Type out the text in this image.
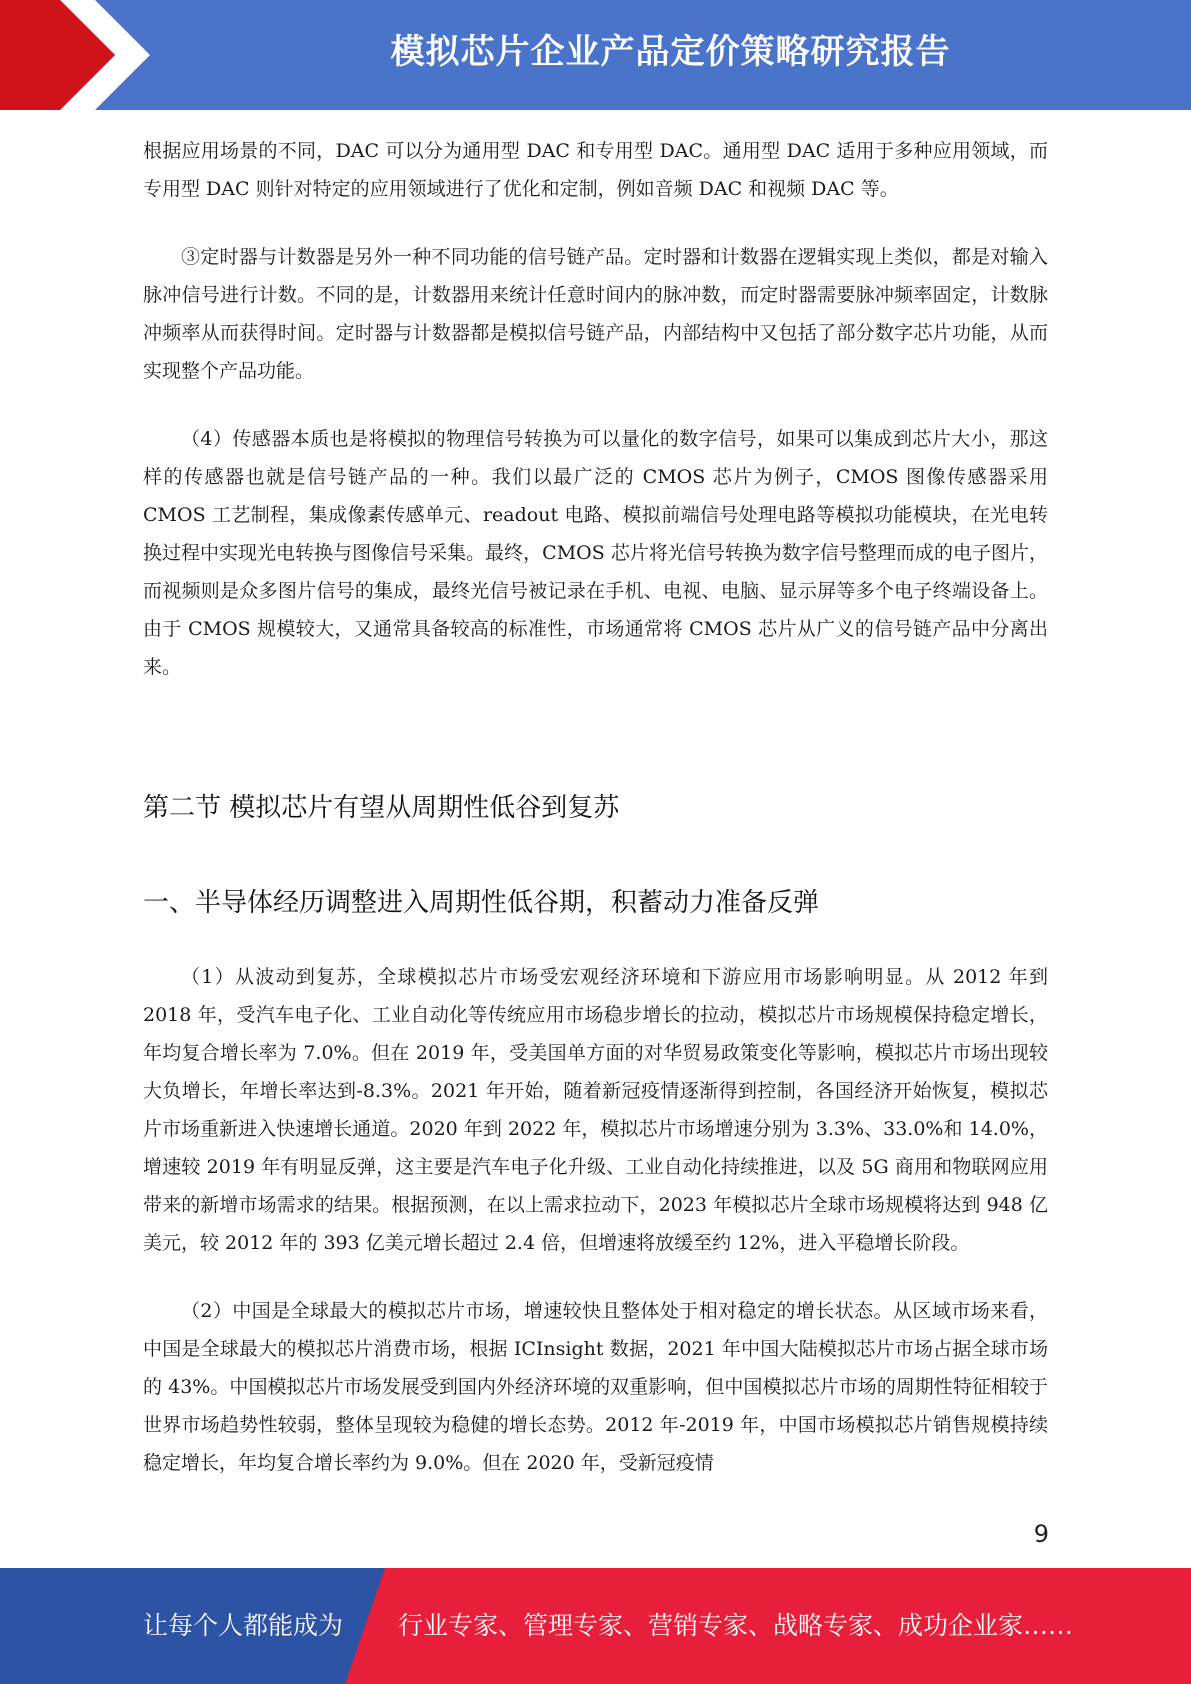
模拟芯片企业产品定价策略研究报告

根据应用场景的不同，DAC 可以分为通用型 DAC 和专用型 DAC。通用型 DAC 适用于多种应用领域，而专用型 DAC 则针对特定的应用领域进行了优化和定制，例如音频 DAC 和视频 DAC 等。

③定时器与计数器是另外一种不同功能的信号链产品。定时器和计数器在逻辑实现上类似，都是对输入脉冲信号进行计数。不同的是，计数器用来统计任意时间内的脉冲数，而定时器需要脉冲频率固定，计数脉冲频率从而获得时间。定时器与计数器都是模拟信号链产品，内部结构中又包括了部分数字芯片功能，从而实现整个产品功能。

（4）传感器本质也是将模拟的物理信号转换为可以量化的数字信号，如果可以集成到芯片大小，那这样的传感器也就是信号链产品的一种。我们以最广泛的 CMOS 芯片为例子，CMOS 图像传感器采用 CMOS 工艺制程，集成像素传感单元、readout 电路、模拟前端信号处理电路等模拟功能模块，在光电转换过程中实现光电转换与图像信号采集。最终，CMOS 芯片将光信号转换为数字信号整理而成的电子图片，而视频则是众多图片信号的集成，最终光信号被记录在手机、电视、电脑、显示屏等多个电子终端设备上。由于 CMOS 规模较大，又通常具备较高的标准性，市场通常将 CMOS 芯片从广义的信号链产品中分离出来。

第二节 模拟芯片有望从周期性低谷到复苏
一、半导体经历调整进入周期性低谷期，积蓄动力准备反弹

（1）从波动到复苏，全球模拟芯片市场受宏观经济环境和下游应用市场影响明显。从 2012 年到 2018 年，受汽车电子化、工业自动化等传统应用市场稳步增长的拉动，模拟芯片市场规模保持稳定增长，年均复合增长率为 7.0%。但在 2019 年，受美国单方面的对华贸易政策变化等影响，模拟芯片市场出现较大负增长，年增长率达到-8.3%。2021 年开始，随着新冠疫情逐渐得到控制，各国经济开始恢复，模拟芯片市场重新进入快速增长通道。2020 年到 2022 年，模拟芯片市场增速分别为 3.3%、33.0%和 14.0%，增速较 2019 年有明显反弹，这主要是汽车电子化升级、工业自动化持续推进，以及 5G 商用和物联网应用带来的新增市场需求的结果。根据预测，在以上需求拉动下，2023 年模拟芯片全球市场规模将达到 948 亿美元，较 2012 年的 393 亿美元增长超过 2.4 倍，但增速将放缓至约 12%，进入平稳增长阶段。

（2）中国是全球最大的模拟芯片市场，增速较快且整体处于相对稳定的增长状态。从区域市场来看，中国是全球最大的模拟芯片消费市场，根据 ICInsight 数据，2021 年中国大陆模拟芯片市场占据全球市场的 43%。中国模拟芯片市场发展受到国内外经济环境的双重影响，但中国模拟芯片市场的周期性特征相较于世界市场趋势性较弱，整体呈现较为稳健的增长态势。2012 年-2019 年，中国市场模拟芯片销售规模持续稳定增长，年均复合增长率约为 9.0%。但在 2020 年，受新冠疫情

9
让每个人都能成为 行业专家、管理专家、营销专家、战略专家、成功企业家……
